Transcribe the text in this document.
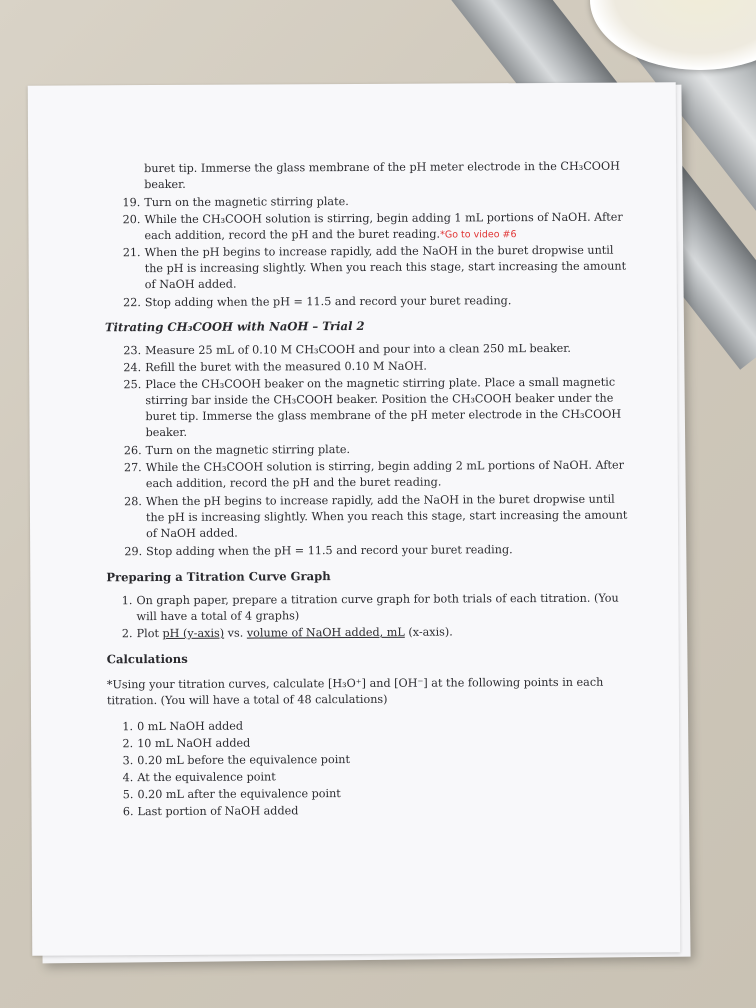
buret tip. Immerse the glass membrane of the pH meter electrode in the CH₃COOH
beaker.
19. Turn on the magnetic stirring plate.
20. While the CH₃COOH solution is stirring, begin adding 1 mL portions of NaOH. After
each addition, record the pH and the buret reading.*Go to video #6
21. When the pH begins to increase rapidly, add the NaOH in the buret dropwise until
the pH is increasing slightly. When you reach this stage, start increasing the amount
of NaOH added.
22. Stop adding when the pH = 11.5 and record your buret reading.
Titrating CH₃COOH with NaOH – Trial 2
23. Measure 25 mL of 0.10 M CH₃COOH and pour into a clean 250 mL beaker.
24. Refill the buret with the measured 0.10 M NaOH.
25. Place the CH₃COOH beaker on the magnetic stirring plate. Place a small magnetic
stirring bar inside the CH₃COOH beaker. Position the CH₃COOH beaker under the
buret tip. Immerse the glass membrane of the pH meter electrode in the CH₃COOH
beaker.
26. Turn on the magnetic stirring plate.
27. While the CH₃COOH solution is stirring, begin adding 2 mL portions of NaOH. After
each addition, record the pH and the buret reading.
28. When the pH begins to increase rapidly, add the NaOH in the buret dropwise until
the pH is increasing slightly. When you reach this stage, start increasing the amount
of NaOH added.
29. Stop adding when the pH = 11.5 and record your buret reading.
Preparing a Titration Curve Graph
1. On graph paper, prepare a titration curve graph for both trials of each titration. (You
will have a total of 4 graphs)
2. Plot pH (y-axis) vs. volume of NaOH added, mL (x-axis).
Calculations
*Using your titration curves, calculate [H₃O⁺] and [OH⁻] at the following points in each
titration. (You will have a total of 48 calculations)
1. 0 mL NaOH added
2. 10 mL NaOH added
3. 0.20 mL before the equivalence point
4. At the equivalence point
5. 0.20 mL after the equivalence point
6. Last portion of NaOH added
